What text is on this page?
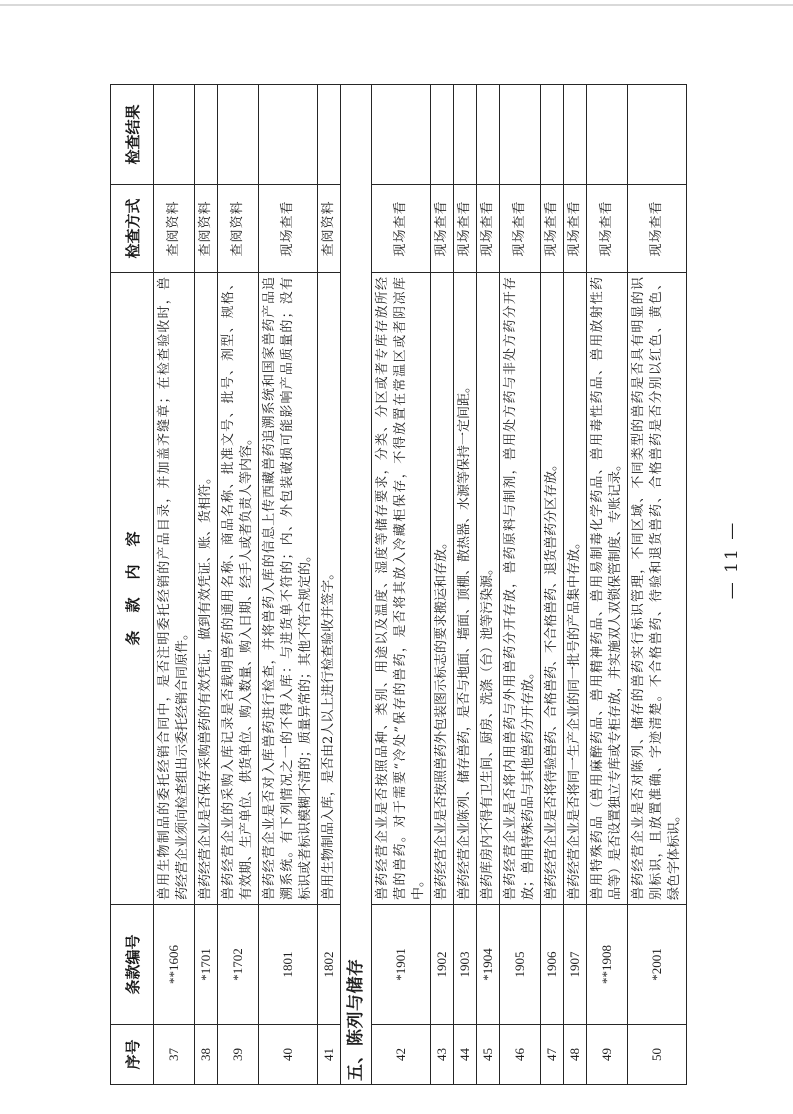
序号	条款编号	条款内容	检查方式	检查结果
37	**1606	兽用生物制品的委托经销合同中，是否注明委托经销的产品目录，并加盖齐缝章；在检查验收时，兽 药经营企业须向检查组出示委托经销合同原件。	查阅资料	
38	*1701	兽药经营企业是否保存采购兽药的有效凭证，做到有效凭证、账、货相符。	查阅资料	
39	*1702	兽药经营企业的采购入库记录是否载明兽药的通用名称、商品名称、批准文号、批号、剂型、规格、 有效期、生产单位、供货单位、购入数量、购入日期、经手人或者负责人等内容。	查阅资料	
40	1801	兽药经营企业是否对入库兽药进行检查，并将兽药入库的信息上传西藏兽药追溯系统和国家兽药产品追 溯系统。有下列情况之一的不得入库：与进货单不符的；内、外包装破损可能影响产品质量的；没有 标识或者标识模糊不清的；质量异常的；其他不符合规定的。	现场查看	
41	1802	兽用生物制品入库，是否由2人以上进行检查验收并签字。	查阅资料	
五、陈列与储存				
42	*1901	兽药经营企业是否按照品种、类别、用途以及温度、湿度等储存要求，分类、分区或者专库存放所经 营的兽药。对于需要“冷处”保存的兽药，是否将其放入冷藏柜保存，不得放置在常温区或者阴凉库 中。	现场查看	
43	1902	兽药经营企业是否按照兽药外包装图示标志的要求搬运和存放。	现场查看	
44	1903	兽药经营企业陈列、储存兽药，是否与地面、墙面、顶棚、散热器、水源等保持一定间距。	现场查看	
45	*1904	兽药库房内不得有卫生间、厨房、洗涤（台）池等污染源。	现场查看	
46	1905	兽药经营企业是否将内用兽药与外用兽药分开存放，兽药原料与制剂，兽用处方药与非处方药分开存 放；兽用特殊药品与其他兽药分开存放。	现场查看	
47	1906	兽药经营企业是否将待验兽药、合格兽药、不合格兽药、退货兽药分区存放。	现场查看	
48	1907	兽药经营企业是否将同一生产企业的同一批号的产品集中存放。	现场查看	
49	**1908	兽用特殊药品（兽用麻醉药品、兽用精神药品、兽用易制毒化学药品、兽用毒性药品、兽用放射性药 品等）是否设置独立专库或专柜存放，并实施双人双锁保管制度、专账记录。	现场查看	
50	*2001	兽药经营企业是否对陈列、储存的兽药实行标识管理，不同区域、不同类型的兽药是否具有明显的识 别标识，且放置准确、字迹清楚。不合格兽药、待验和退货兽药、合格兽药是否分别以红色、黄色、 绿色字体标识。	现场查看	
— 11 —
